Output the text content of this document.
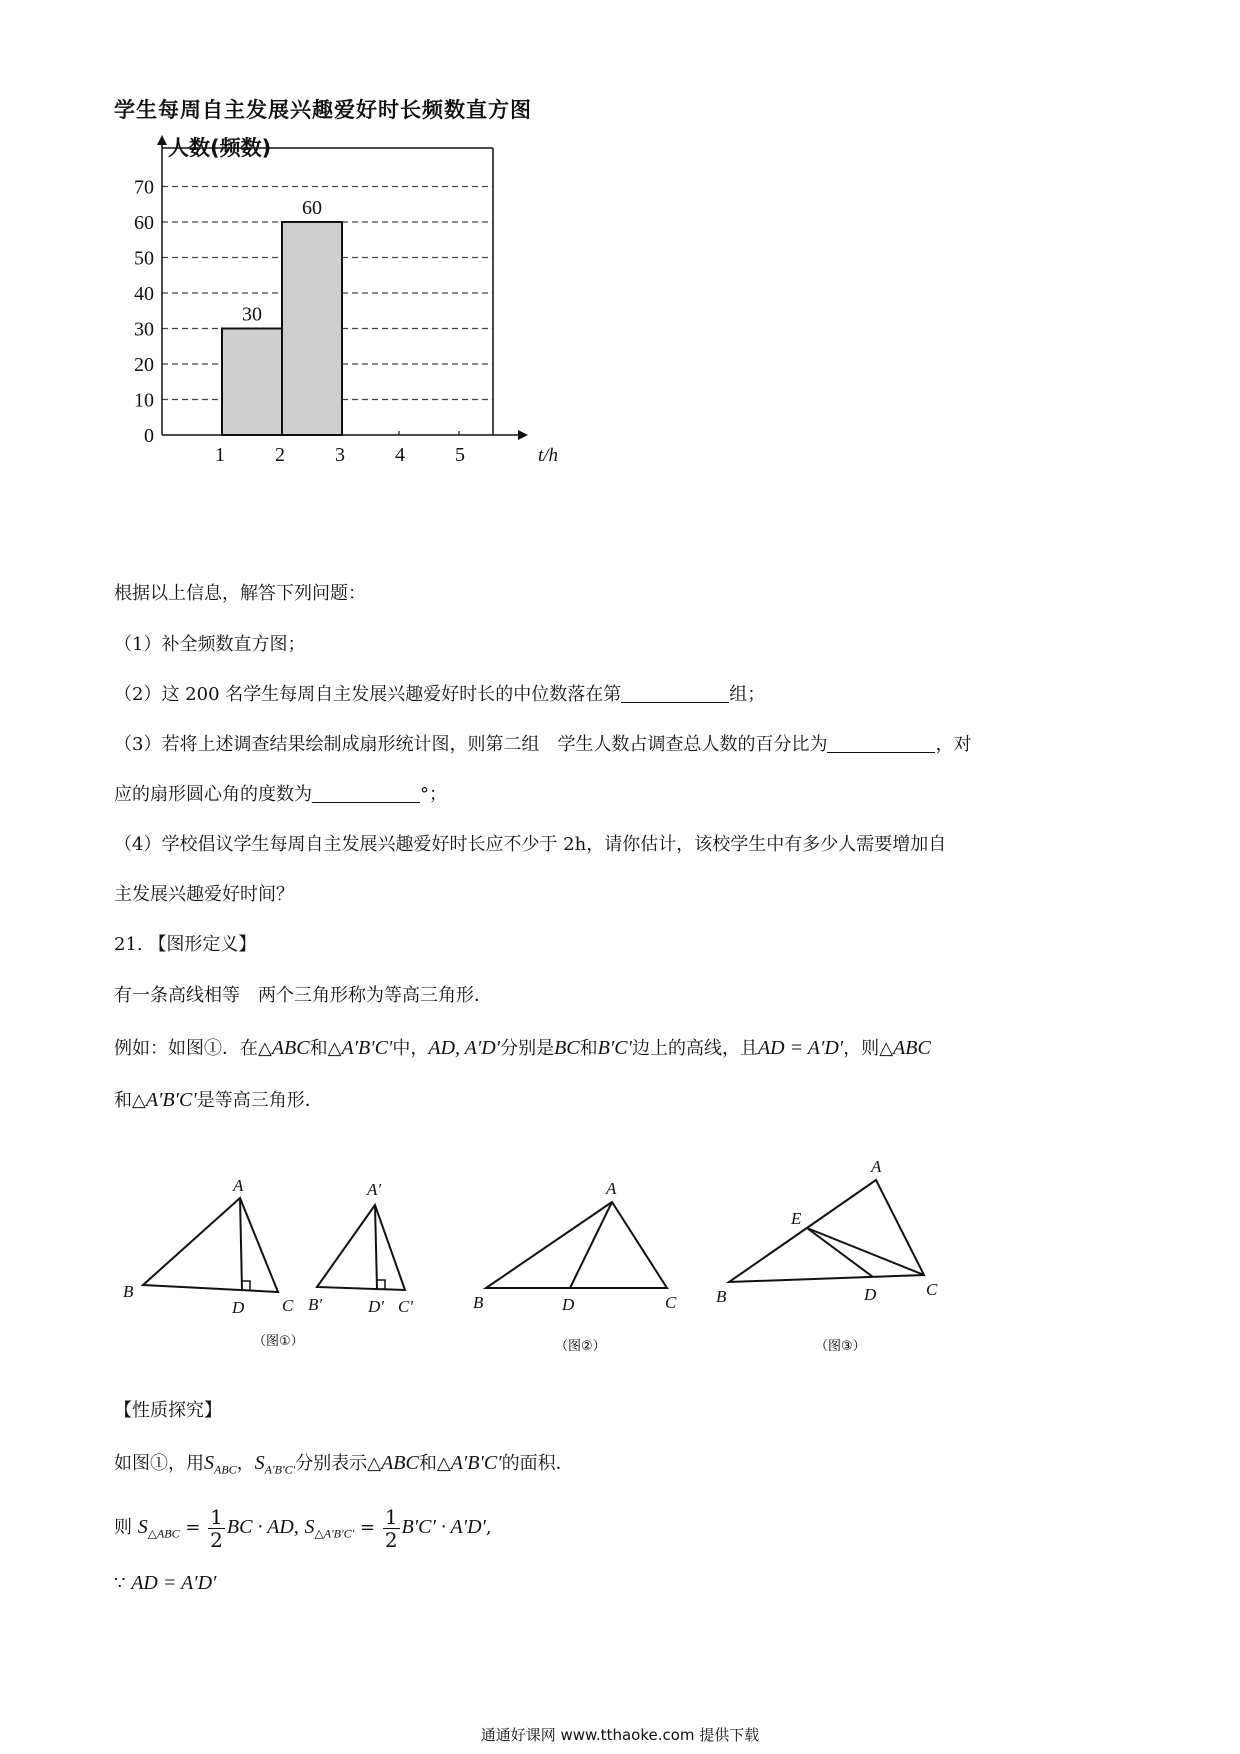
学生每周自主发展兴趣爱好时长频数直方图
人数(频数)
30
60
0
10
20
30
40
50
60
70
1	2	3	4	5	t/h
根据以上信息，解答下列问题：
（1）补全频数直方图；
（2）这 200 名学生每周自主发展兴趣爱好时长的中位数落在第	组；
（3）若将上述调查结果绘制成扇形统计图，则第二组　学生人数占调查总人数的百分比为	，对
应的扇形圆心角的度数为	°；
（4）学校倡议学生每周自主发展兴趣爱好时长应不少于 2h，请你估计，该校学生中有多少人需要增加自
主发展兴趣爱好时间？
21. 【图形定义】
有一条高线相等　两个三角形称为等高三角形．
例如：如图①．在△ABC和△A′B′C′中，AD, A′D′分别是BC和B′C′边上的高线，且AD = A′D′，则△ABC
和△A′B′C′是等高三角形．
A
B
D C
A′
B′	D′ C′
（图①）
A
B	D	C
（图②）
A
E
B	D	C
（图③）
【性质探究】
如图①，用$S_{ABC}$，$S_{A'B'C'}$分别表示△ABC和△A′B′C′的面积．
则 $S_{\triangle ABC} = \frac{1}{2}$ BC · AD, $S_{\triangle A'B'C'} = \frac{1}{2} B'C' \cdot A'D'$,
∵ AD = A′D′
通通好课网 www.tthaoke.com 提供下载
